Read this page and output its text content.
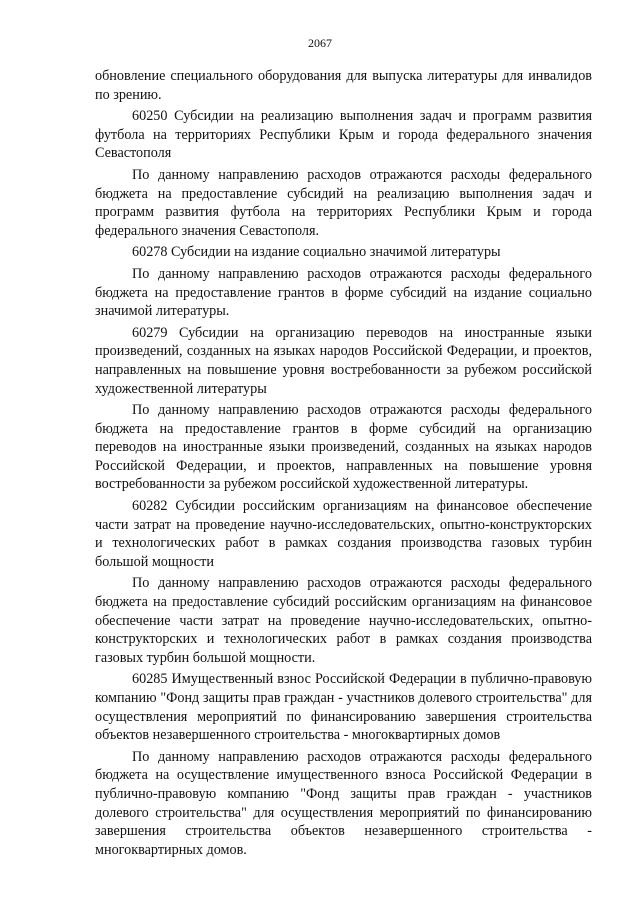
2067

обновление специального оборудования для выпуска литературы для инвалидов по зрению.

60250 Субсидии на реализацию выполнения задач и программ развития футбола на территориях Республики Крым и города федерального значения Севастополя

По данному направлению расходов отражаются расходы федерального бюджета на предоставление субсидий на реализацию выполнения задач и программ развития футбола на территориях Республики Крым и города федерального значения Севастополя.

60278 Субсидии на издание социально значимой литературы

По данному направлению расходов отражаются расходы федерального бюджета на предоставление грантов в форме субсидий на издание социально значимой литературы.

60279 Субсидии на организацию переводов на иностранные языки произведений, созданных на языках народов Российской Федерации, и проектов, направленных на повышение уровня востребованности за рубежом российской художественной литературы

По данному направлению расходов отражаются расходы федерального бюджета на предоставление грантов в форме субсидий на организацию переводов на иностранные языки произведений, созданных на языках народов Российской Федерации, и проектов, направленных на повышение уровня востребованности за рубежом российской художественной литературы.

60282 Субсидии российским организациям на финансовое обеспечение части затрат на проведение научно-исследовательских, опытно-конструкторских и технологических работ в рамках создания производства газовых турбин большой мощности

По данному направлению расходов отражаются расходы федерального бюджета на предоставление субсидий российским организациям на финансовое обеспечение части затрат на проведение научно-исследовательских, опытно-конструкторских и технологических работ в рамках создания производства газовых турбин большой мощности.

60285 Имущественный взнос Российской Федерации в публично-правовую компанию "Фонд защиты прав граждан - участников долевого строительства" для осуществления мероприятий по финансированию завершения строительства объектов незавершенного строительства - многоквартирных домов

По данному направлению расходов отражаются расходы федерального бюджета на осуществление имущественного взноса Российской Федерации в публично-правовую компанию "Фонд защиты прав граждан - участников долевого строительства" для осуществления мероприятий по финансированию завершения строительства объектов незавершенного строительства - многоквартирных домов.
